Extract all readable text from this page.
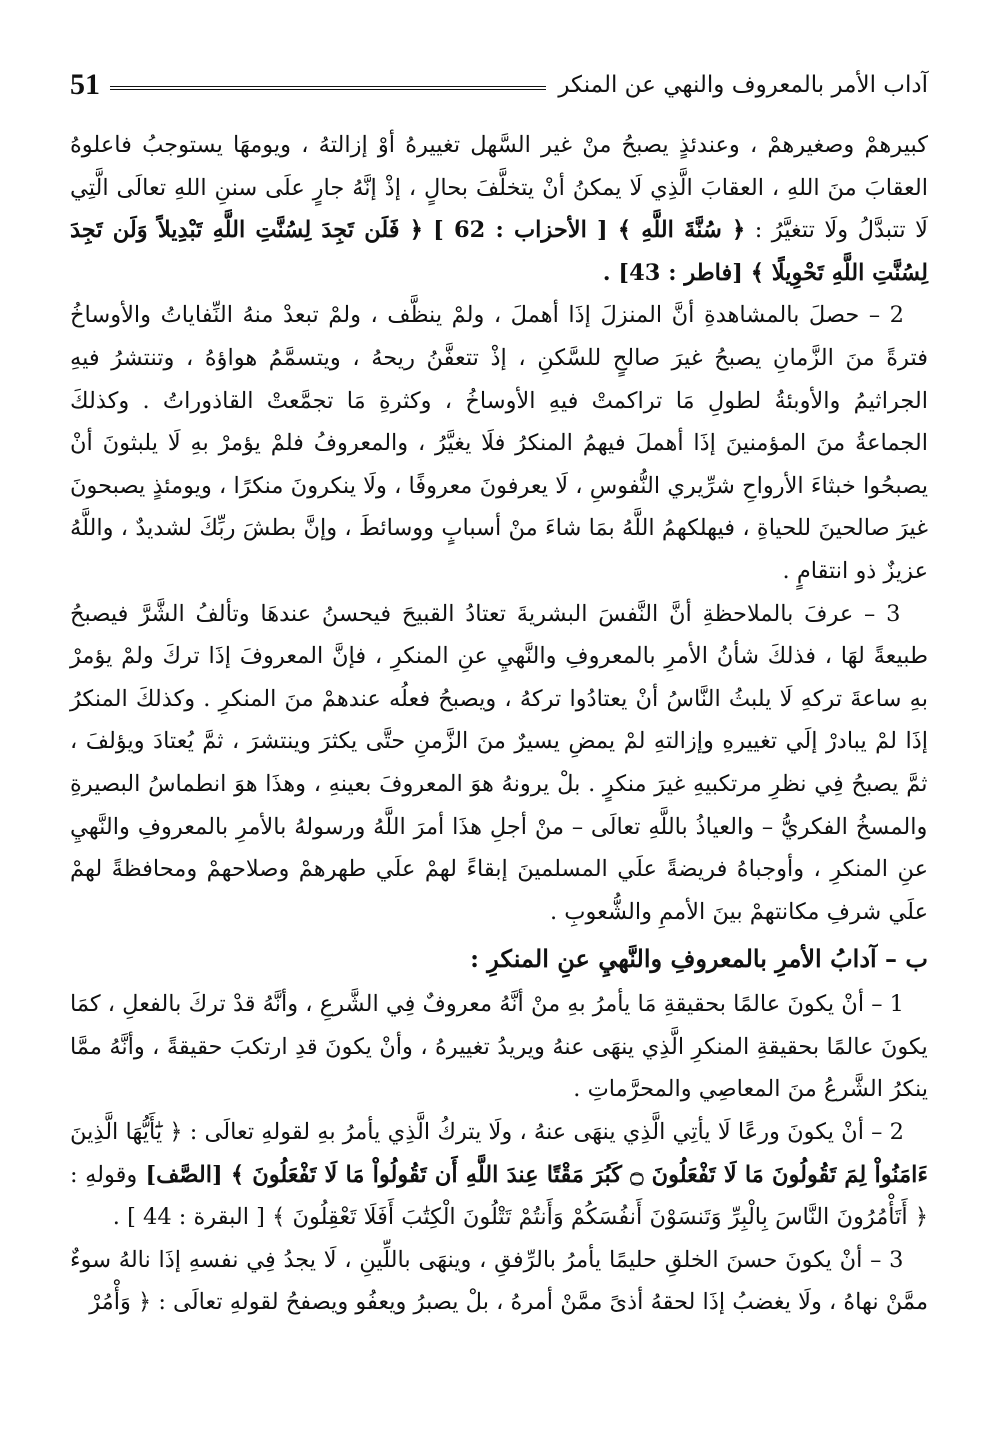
51	آداب الأمر بالمعروف والنهي عن المنكر

كبيرهمْ وصغيرهمْ ، وعندئذٍ يصبحُ منْ غير السَّهل تغييرهُ أوْ إزالتهُ ، ويومهَا يستوجبُ فاعلوهُ العقابَ منَ اللهِ ، العقابَ الَّذِي لَا يمكنُ أنْ يتخلَّفَ بحالٍ ، إذْ إنَّهُ جارٍ علَى سننِ اللهِ تعالَى الَّتِي لَا تتبدَّلُ ولَا تتغيَّرُ : ﴿ سُنَّةَ اللَّهِ ﴾ [ الأحزاب : 62 ] ﴿ فَلَن تَجِدَ لِسُنَّتِ اللَّهِ تَبْدِيلاً وَلَن تَجِدَ لِسُنَّتِ اللَّهِ تَحْوِيلًا ﴾ [فاطر : 43] .

2 – حصلَ بالمشاهدةِ أنَّ المنزلَ إذَا أهملَ ، ولمْ ينظَّف ، ولمْ تبعدْ منهُ النِّفاياتُ والأوساخُ فترةً منَ الزَّمانِ يصبحُ غيرَ صالحٍ للسَّكنِ ، إذْ تتعفَّنُ ريحهُ ، ويتسمَّمُ هواؤهُ ، وتنتشرُ فيهِ الجراثيمُ والأوبئةُ لطولِ مَا تراكمتْ فيهِ الأوساخُ ، وكثرةِ مَا تجمَّعتْ القاذوراتُ . وكذلكَ الجماعةُ منَ المؤمنينَ إذَا أهملَ فيهمُ المنكرُ فلَا يغيَّرُ ، والمعروفُ فلمْ يؤمرْ بهِ لَا يلبثونَ أنْ يصبحُوا خبثاءَ الأرواحِ شرِّيري النُّفوسِ ، لَا يعرفونَ معروفًا ، ولَا ينكرونَ منكرًا ، ويومئذٍ يصبحونَ غيرَ صالحينَ للحياةِ ، فيهلكهمُ اللَّهُ بمَا شاءَ منْ أسبابٍ ووسائطَ ، وإنَّ بطشَ ربِّكَ لشديدٌ ، واللَّهُ عزيزٌ ذو انتقامٍ .

3 – عرفَ بالملاحظةِ أنَّ النَّفسَ البشريةَ تعتادُ القبيحَ فيحسنُ عندهَا وتألفُ الشَّرَّ فيصبحُ طبيعةً لهَا ، فذلكَ شأنُ الأمرِ بالمعروفِ والنَّهيِ عنِ المنكرِ ، فإنَّ المعروفَ إذَا تركَ ولمْ يؤمرْ بهِ ساعةَ تركهِ لَا يلبثُ النَّاسُ أنْ يعتادُوا تركهُ ، ويصبحُ فعلُه عندهمْ منَ المنكرِ . وكذلكَ المنكرُ إذَا لمْ يبادرْ إلَي تغييرهِ وإزالتهِ لمْ يمضِ يسيرٌ منَ الزَّمنِ حتَّى يكثرَ وينتشرَ ، ثمَّ يُعتادَ ويؤلفَ ، ثمَّ يصبحُ فِي نظرِ مرتكبيهِ غيرَ منكرٍ . بلْ يرونهُ هوَ المعروفَ بعينهِ ، وهذَا هوَ انطماسُ البصيرةِ والمسخُ الفكريُّ – والعياذُ باللَّهِ تعالَى – منْ أجلِ هذَا أمرَ اللَّهُ ورسولهُ بالأمرِ بالمعروفِ والنَّهيِ عنِ المنكرِ ، وأوجباهُ فريضةً علَي المسلمينَ إبقاءً لهمْ علَي طهرهمْ وصلاحهمْ ومحافظةً لهمْ علَي شرفِ مكانتهمْ بينَ الأممِ والشُّعوبِ .

ب – آدابُ الأمرِ بالمعروفِ والنَّهيِ عنِ المنكرِ :

1 – أنْ يكونَ عالمًا بحقيقةِ مَا يأمرُ بهِ منْ أنَّهُ معروفٌ فِي الشَّرعِ ، وأنَّهُ قدْ تركَ بالفعلِ ، كمَا يكونَ عالمًا بحقيقةِ المنكرِ الَّذِي ينهَى عنهُ ويريدُ تغييرهُ ، وأنْ يكونَ قدِ ارتكبَ حقيقةً ، وأنَّهُ ممَّا ينكرُ الشَّرعُ منَ المعاصِي والمحرَّماتِ .

2 – أنْ يكونَ ورعًا لَا يأتِي الَّذِي ينهَى عنهُ ، ولَا يتركُ الَّذِي يأمرُ بهِ لقولهِ تعالَى : ﴿ يَٰٓأَيُّهَا الَّذِينَ ءَامَنُواْ لِمَ تَقُولُونَ مَا لَا تَفْعَلُونَ ۝ كَبُرَ مَقْتًا عِندَ اللَّهِ أَن تَقُولُواْ مَا لَا تَفْعَلُونَ ﴾ [الصَّف] وقولهِ : ﴿ أَتَأْمُرُونَ النَّاسَ بِالْبِرِّ وَتَنسَوْنَ أَنفُسَكُمْ وَأَنتُمْ تَتْلُونَ الْكِتَٰبَ أَفَلَا تَعْقِلُونَ ﴾ [ البقرة : 44 ] .

3 – أنْ يكونَ حسنَ الخلقِ حليمًا يأمرُ بالرِّفقِ ، وينهَى باللِّينِ ، لَا يجدُ فِي نفسهِ إذَا نالهُ سوءٌ ممَّنْ نهاهُ ، ولَا يغضبُ إذَا لحقهُ أذىً ممَّنْ أمرهُ ، بلْ يصبرُ ويعفُو ويصفحُ لقولهِ تعالَى : ﴿ وَأْمُرْ
